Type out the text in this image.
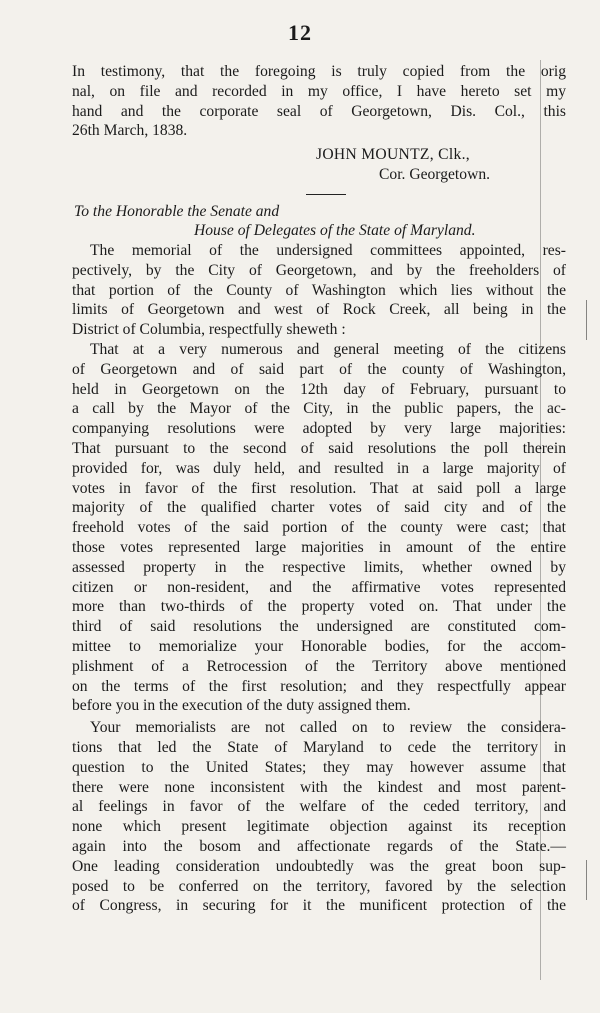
12
In testimony, that the foregoing is truly copied from the orig
nal, on file and recorded in my office, I have hereto set my
hand and the corporate seal of Georgetown, Dis. Col., this
26th March, 1838.
JOHN MOUNTZ, Clk.,
Cor. Georgetown.
To the Honorable the Senate and
House of Delegates of the State of Maryland.
The memorial of the undersigned committees appointed, res-
pectively, by the City of Georgetown, and by the freeholders of
that portion of the County of Washington which lies without the
limits of Georgetown and west of Rock Creek, all being in the
District of Columbia, respectfully sheweth :
That at a very numerous and general meeting of the citizens
of Georgetown and of said part of the county of Washington,
held in Georgetown on the 12th day of February, pursuant to
a call by the Mayor of the City, in the public papers, the ac-
companying resolutions were adopted by very large majorities:
That pursuant to the second of said resolutions the poll therein
provided for, was duly held, and resulted in a large majority of
votes in favor of the first resolution. That at said poll a large
majority of the qualified charter votes of said city and of the
freehold votes of the said portion of the county were cast; that
those votes represented large majorities in amount of the entire
assessed property in the respective limits, whether owned by
citizen or non-resident, and the affirmative votes represented
more than two-thirds of the property voted on. That under the
third of said resolutions the undersigned are constituted com-
mittee to memorialize your Honorable bodies, for the accom-
plishment of a Retrocession of the Territory above mentioned
on the terms of the first resolution; and they respectfully appear
before you in the execution of the duty assigned them.
Your memorialists are not called on to review the considera-
tions that led the State of Maryland to cede the territory in
question to the United States; they may however assume that
there were none inconsistent with the kindest and most parent-
al feelings in favor of the welfare of the ceded territory, and
none which present legitimate objection against its reception
again into the bosom and affectionate regards of the State.—
One leading consideration undoubtedly was the great boon sup-
posed to be conferred on the territory, favored by the selection
of Congress, in securing for it the munificent protection of the
